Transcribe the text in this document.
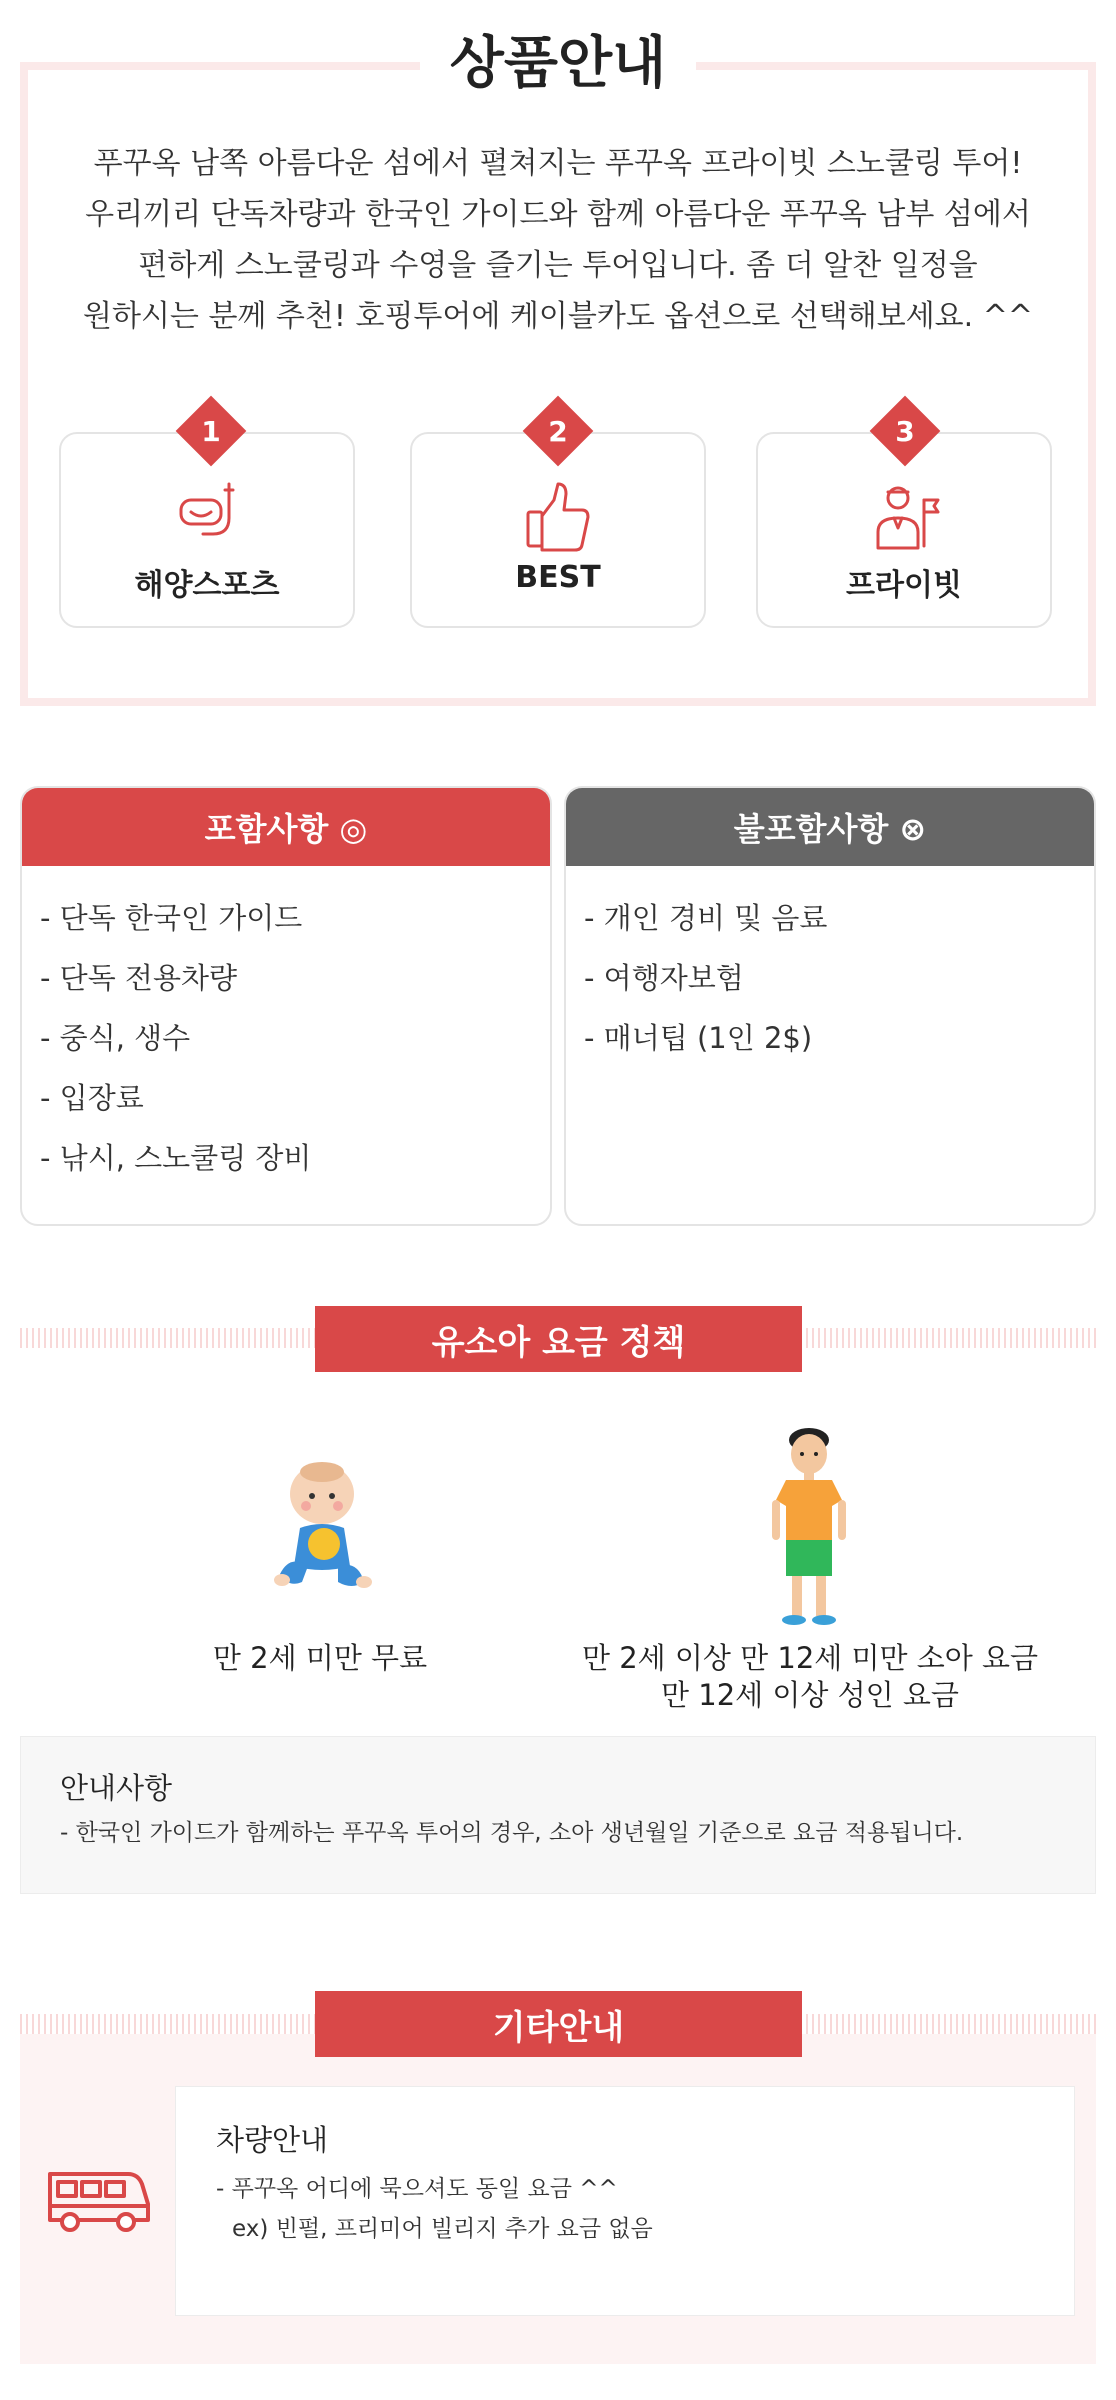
상품안내
푸꾸옥 남쪽 아름다운 섬에서 펼쳐지는 푸꾸옥 프라이빗 스노쿨링 투어!
우리끼리 단독차량과 한국인 가이드와 함께 아름다운 푸꾸옥 남부 섬에서
편하게 스노쿨링과 수영을 즐기는 투어입니다. 좀 더 알찬 일정을
원하시는 분께 추천! 호핑투어에 케이블카도 옵션으로 선택해보세요. ^^
1
해양스포츠
2
BEST
3
프라이빗
포함사항 ◎
- 단독 한국인 가이드
- 단독 전용차량
- 중식, 생수
- 입장료
- 낚시, 스노쿨링 장비
불포함사항 ⊗
- 개인 경비 및 음료
- 여행자보험
- 매너팁 (1인 2$)
유소아 요금 정책
만 2세 미만 무료	만 2세 이상 만 12세 미만 소아 요금
만 12세 이상 성인 요금
안내사항
- 한국인 가이드가 함께하는 푸꾸옥 투어의 경우, 소아 생년월일 기준으로 요금 적용됩니다.
기타안내
차량안내
- 푸꾸옥 어디에 묵으셔도 동일 요금 ^^
ex) 빈펄, 프리미어 빌리지 추가 요금 없음
